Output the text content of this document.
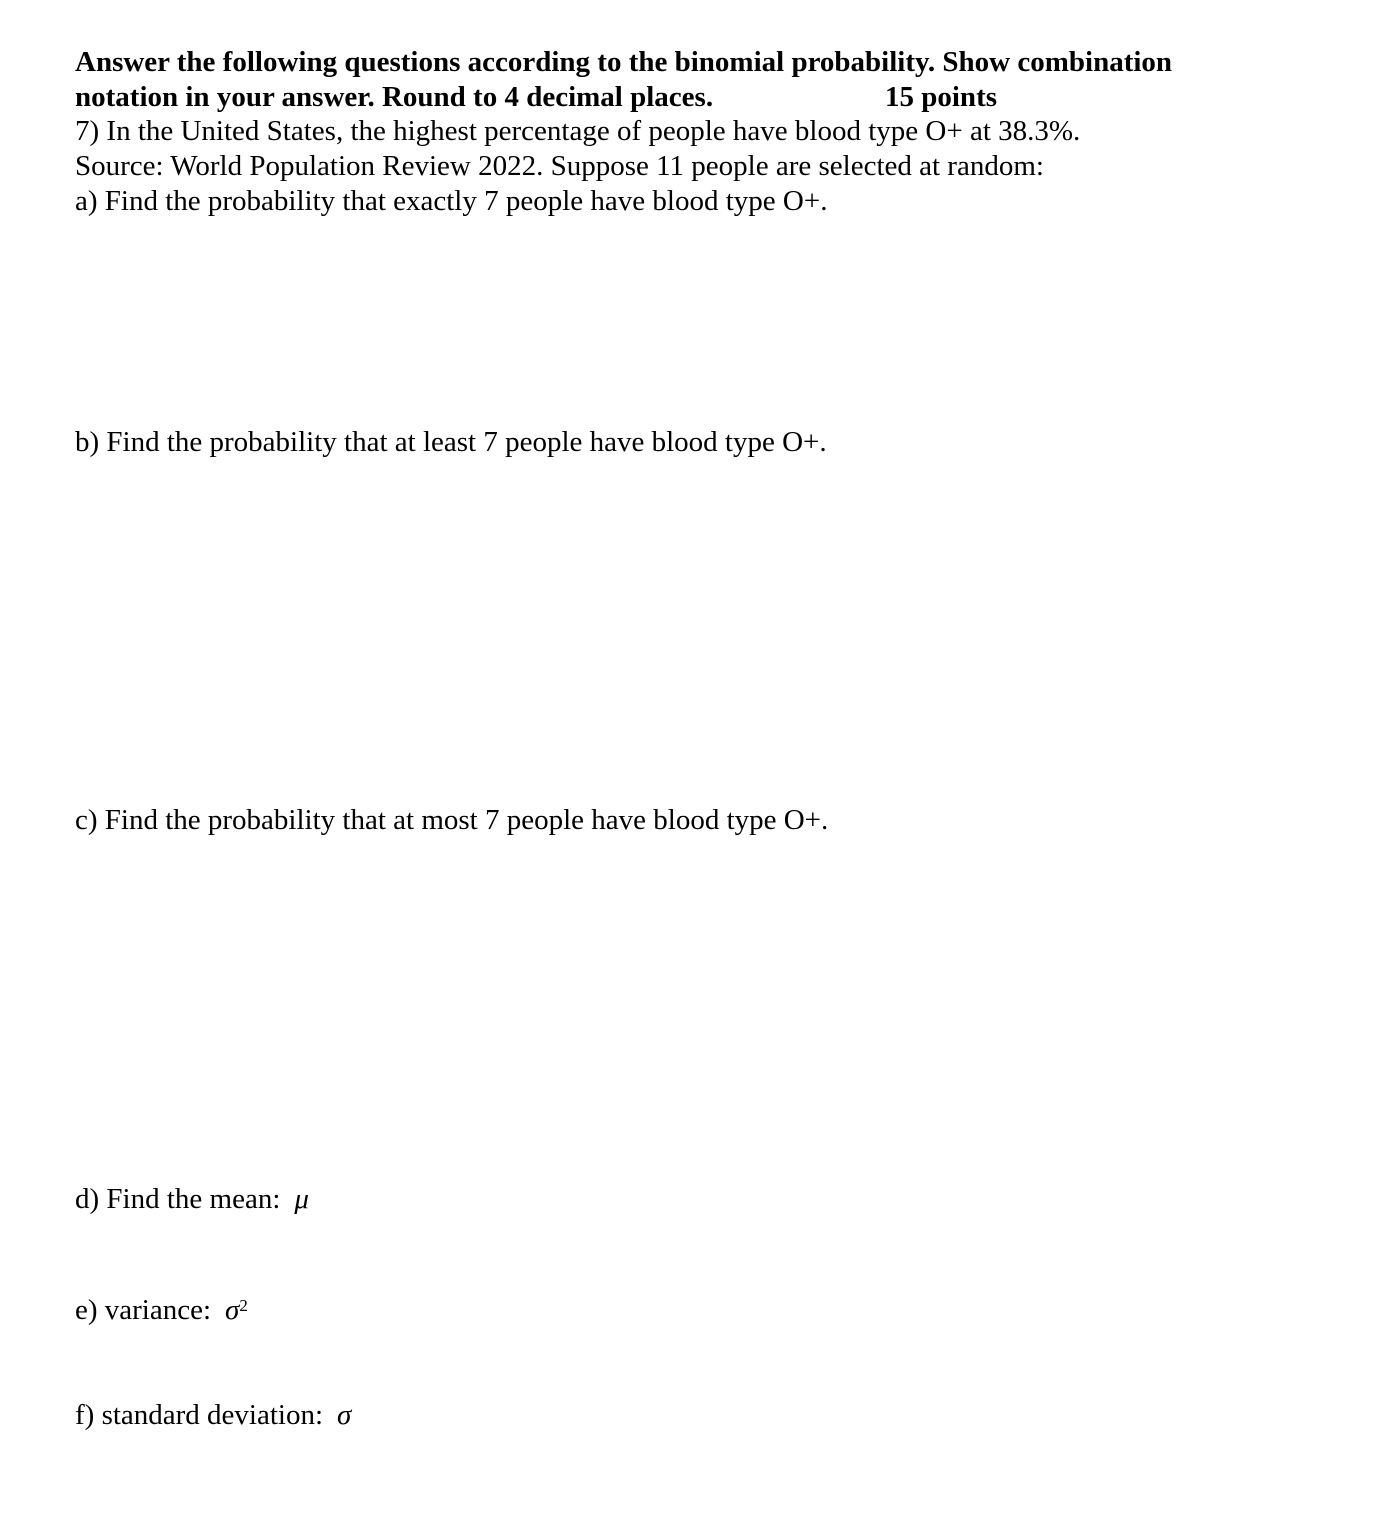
Answer the following questions according to the binomial probability. Show combination
notation in your answer. Round to 4 decimal places.	15 points
7) In the United States, the highest percentage of people have blood type O+ at 38.3%.
Source: World Population Review 2022. Suppose 11 people are selected at random:
a) Find the probability that exactly 7 people have blood type O+.
b) Find the probability that at least 7 people have blood type O+.
c) Find the probability that at most 7 people have blood type O+.
d) Find the mean: μ
e) variance: $\sigma^2$
f) standard deviation: σ
